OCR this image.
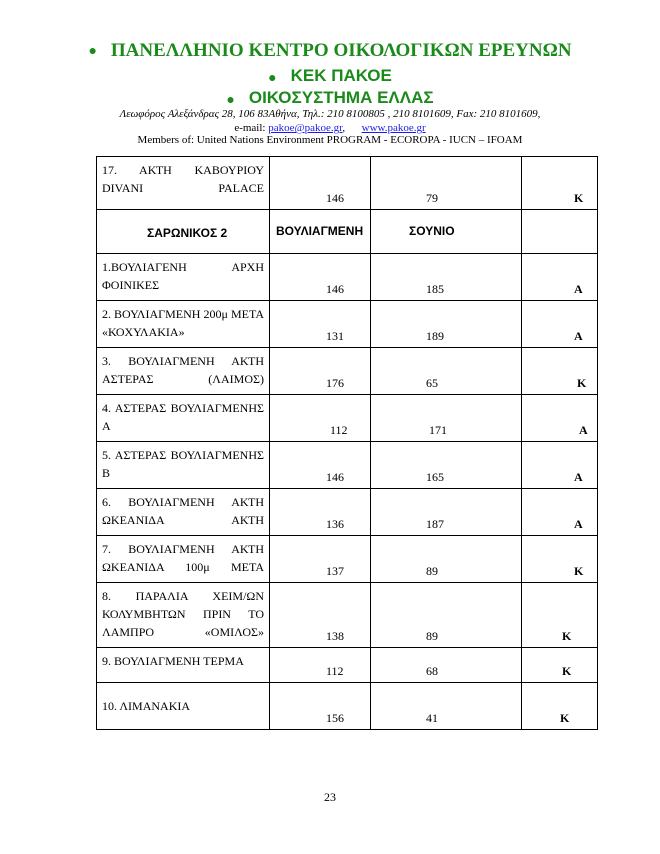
● ΠΑΝΕΛΛΗΝΙΟ ΚΕΝΤΡΟ ΟΙΚΟΛΟΓΙΚΩΝ ΕΡΕΥΝΩΝ
● ΚΕΚ ΠΑΚΟΕ
● ΟΙΚΟΣΥΣΤΗΜΑ ΕΛΛΑΣ
Λεωφόρος Αλεξάνδρας 28, 106 83Αθήνα, Τηλ.: 210 8100805 , 210 8101609, Fax: 210 8101609,
e-mail: pakoe@pakoe.gr,      www.pakoe.gr
Members of: United Nations Environment PROGRAM - ECOROPA - IUCN – IFOAM
17. ΑΚΤΗ ΚΑΒΟΥΡΙΟΥ DIVANI PALACE	146	79	Κ

ΣΑΡΩΝΙΚΟΣ 2	ΒΟΥΛΙΑΓΜΕΝΗ	ΣΟΥΝΙΟ	

1.ΒΟΥΛΙΑΓΕΝΗ ΑΡΧΗ ΦΟΙΝΙΚΕΣ	146	185	Α

2. ΒΟΥΛΙΑΓΜΕΝΗ 200μ ΜΕΤΑ «ΚΟΧΥΛΑΚΙΑ»	131	189	Α

3. ΒΟΥΛΙΑΓΜΕΝΗ ΑΚΤΗ ΑΣΤΕΡΑΣ (ΛΑΙΜΟΣ)	176	65	Κ

4. ΑΣΤΕΡΑΣ ΒΟΥΛΙΑΓΜΕΝΗΣ Α	112	171	Α

5. ΑΣΤΕΡΑΣ ΒΟΥΛΙΑΓΜΕΝΗΣ Β	146	165	Α

6. ΒΟΥΛΙΑΓΜΕΝΗ ΑΚΤΗ ΩΚΕΑΝΙΔΑ ΑΚΤΗ	136	187	Α

7. ΒΟΥΛΙΑΓΜΕΝΗ ΑΚΤΗ ΩΚΕΑΝΙΔΑ 100μ ΜΕΤΑ	137	89	Κ

8. ΠΑΡΑΛΙΑ ΧΕΙΜ/ΩΝ ΚΟΛΥΜΒΗΤΩΝ ΠΡΙΝ ΤΟ ΛΑΜΠΡΟ «ΟΜΙΛΟΣ»	138	89	Κ

9. ΒΟΥΛΙΑΓΜΕΝΗ ΤΕΡΜΑ	112	68	Κ

10. ΛΙΜΑΝΑΚΙΑ	156	41	Κ
23
